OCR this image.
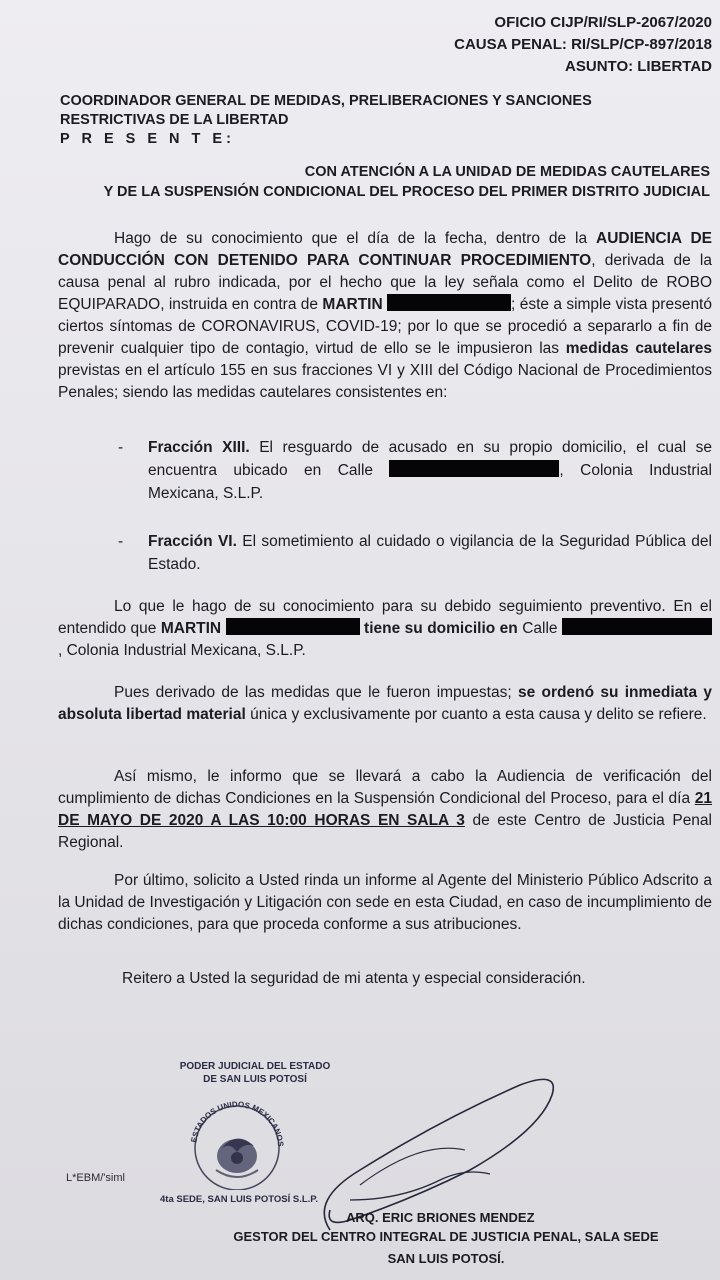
OFICIO CIJP/RI/SLP-2067/2020
CAUSA PENAL: RI/SLP/CP-897/2018
ASUNTO: LIBERTAD
COORDINADOR GENERAL DE MEDIDAS, PRELIBERACIONES Y SANCIONES
RESTRICTIVAS DE LA LIBERTAD
P R E S E N T E:
CON ATENCIÓN A LA UNIDAD DE MEDIDAS CAUTELARES
Y DE LA SUSPENSIÓN CONDICIONAL DEL PROCESO DEL PRIMER DISTRITO JUDICIAL
Hago de su conocimiento que el día de la fecha, dentro de la AUDIENCIA DE CONDUCCIÓN CON DETENIDO PARA CONTINUAR PROCEDIMIENTO, derivada de la causa penal al rubro indicada, por el hecho que la ley señala como el Delito de ROBO EQUIPARADO, instruida en contra de MARTIN	; éste a simple vista presentó ciertos síntomas de CORONAVIRUS, COVID-19; por lo que se procedió a separarlo a fin de prevenir cualquier tipo de contagio, virtud de ello se le impusieron las medidas cautelares previstas en el artículo 155 en sus fracciones VI y XIII del Código Nacional de Procedimientos Penales; siendo las medidas cautelares consistentes en:
- Fracción XIII. El resguardo de acusado en su propio domicilio, el cual se encuentra ubicado en Calle	, Colonia Industrial Mexicana, S.L.P.
- Fracción VI. El sometimiento al cuidado o vigilancia de la Seguridad Pública del Estado.
Lo que le hago de su conocimiento para su debido seguimiento preventivo. En el entendido que MARTIN	tiene su domicilio en Calle , Colonia Industrial Mexicana, S.L.P.
Pues derivado de las medidas que le fueron impuestas; se ordenó su inmediata y absoluta libertad material única y exclusivamente por cuanto a esta causa y delito se refiere.
Así mismo, le informo que se llevará a cabo la Audiencia de verificación del cumplimiento de dichas Condiciones en la Suspensión Condicional del Proceso, para el día 21 DE MAYO DE 2020 A LAS 10:00 HORAS EN SALA 3 de este Centro de Justicia Penal Regional.
Por último, solicito a Usted rinda un informe al Agente del Ministerio Público Adscrito a la Unidad de Investigación y Litigación con sede en esta Ciudad, en caso de incumplimiento de dichas condiciones, para que proceda conforme a sus atribuciones.
Reitero a Usted la seguridad de mi atenta y especial consideración.
PODER JUDICIAL DEL ESTADO
DE SAN LUIS POTOSÍ
ESTADOS UNIDOS MEXICANOS
4ta SEDE, SAN LUIS POTOSÍ S.L.P.
L*EBM/'siml
ARQ. ERIC BRIONES MENDEZ
GESTOR DEL CENTRO INTEGRAL DE JUSTICIA PENAL, SALA SEDE
SAN LUIS POTOSÍ.
